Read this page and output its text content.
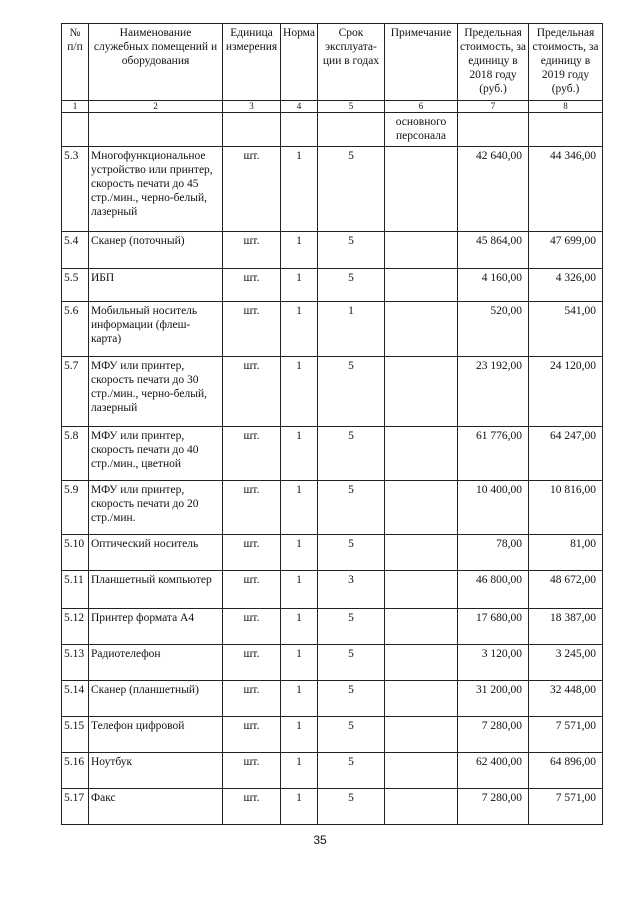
№ п/п	Наименование служебных помещений и оборудования	Единица измерения	Норма	Срок эксплуата-ции в годах	Примечание	Предельная стоимость, за единицу в 2018 году (руб.)	Предельная стоимость, за единицу в 2019 году (руб.)
1	2	3	4	5	6	7	8
					основного персонала		
5.3	Многофункциональное устройство или принтер, скорость печати до 45 стр./мин., черно-белый, лазерный	шт.	1	5		42 640,00	44 346,00
5.4	Сканер (поточный)	шт.	1	5		45 864,00	47 699,00
5.5	ИБП	шт.	1	5		4 160,00	4 326,00
5.6	Мобильный носитель информации (флеш-карта)	шт.	1	1		520,00	541,00
5.7	МФУ или принтер, скорость печати до 30 стр./мин., черно-белый, лазерный	шт.	1	5		23 192,00	24 120,00
5.8	МФУ или принтер, скорость печати до 40 стр./мин., цветной	шт.	1	5		61 776,00	64 247,00
5.9	МФУ или принтер, скорость печати до 20 стр./мин.	шт.	1	5		10 400,00	10 816,00
5.10	Оптический носитель	шт.	1	5		78,00	81,00
5.11	Планшетный компьютер	шт.	1	3		46 800,00	48 672,00
5.12	Принтер формата А4	шт.	1	5		17 680,00	18 387,00
5.13	Радиотелефон	шт.	1	5		3 120,00	3 245,00
5.14	Сканер (планшетный)	шт.	1	5		31 200,00	32 448,00
5.15	Телефон цифровой	шт.	1	5		7 280,00	7 571,00
5.16	Ноутбук	шт.	1	5		62 400,00	64 896,00
5.17	Факс	шт.	1	5		7 280,00	7 571,00
35
